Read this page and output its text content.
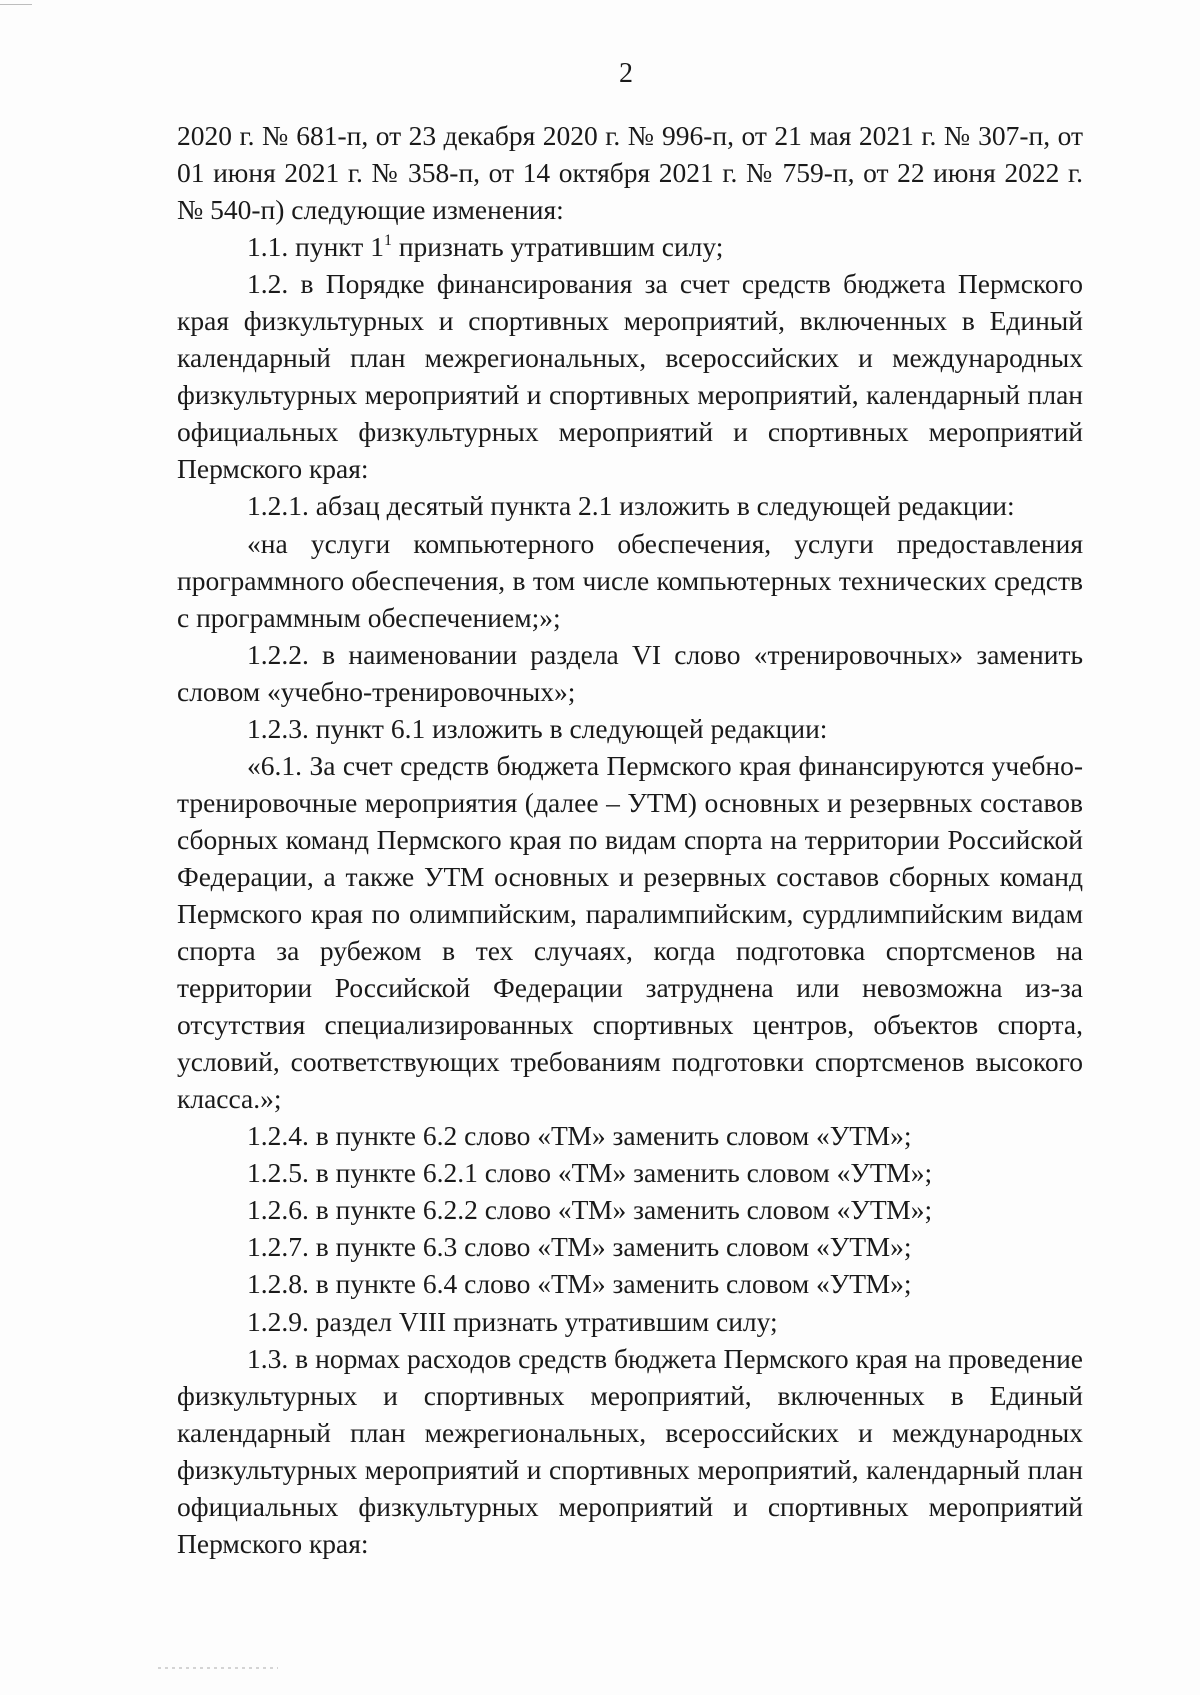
2

2020 г. № 681-п, от 23 декабря 2020 г. № 996-п, от 21 мая 2021 г. № 307-п, от 01 июня 2021 г. № 358-п, от 14 октября 2021 г. № 759-п, от 22 июня 2022 г. № 540-п) следующие изменения:

1.1. пункт $1^1$ признать утратившим силу;

1.2. в Порядке финансирования за счет средств бюджета Пермского края физкультурных и спортивных мероприятий, включенных в Единый календарный план межрегиональных, всероссийских и международных физкультурных мероприятий и спортивных мероприятий, календарный план официальных физкультурных мероприятий и спортивных мероприятий Пермского края:

1.2.1. абзац десятый пункта 2.1 изложить в следующей редакции:

«на услуги компьютерного обеспечения, услуги предоставления программного обеспечения, в том числе компьютерных технических средств с программным обеспечением;»;

1.2.2. в наименовании раздела VI слово «тренировочных» заменить словом «учебно-тренировочных»;

1.2.3. пункт 6.1 изложить в следующей редакции:

«6.1. За счет средств бюджета Пермского края финансируются учебно-тренировочные мероприятия (далее – УТМ) основных и резервных составов сборных команд Пермского края по видам спорта на территории Российской Федерации, а также УТМ основных и резервных составов сборных команд Пермского края по олимпийским, паралимпийским, сурдлимпийским видам спорта за рубежом в тех случаях, когда подготовка спортсменов на территории Российской Федерации затруднена или невозможна из-за отсутствия специализированных спортивных центров, объектов спорта, условий, соответствующих требованиям подготовки спортсменов высокого класса.»;

1.2.4. в пункте 6.2 слово «ТМ» заменить словом «УТМ»;

1.2.5. в пункте 6.2.1 слово «ТМ» заменить словом «УТМ»;

1.2.6. в пункте 6.2.2 слово «ТМ» заменить словом «УТМ»;

1.2.7. в пункте 6.3 слово «ТМ» заменить словом «УТМ»;

1.2.8. в пункте 6.4 слово «ТМ» заменить словом «УТМ»;

1.2.9. раздел VIII признать утратившим силу;

1.3. в нормах расходов средств бюджета Пермского края на проведение физкультурных и спортивных мероприятий, включенных в Единый календарный план межрегиональных, всероссийских и международных физкультурных мероприятий и спортивных мероприятий, календарный план официальных физкультурных мероприятий и спортивных мероприятий Пермского края:
